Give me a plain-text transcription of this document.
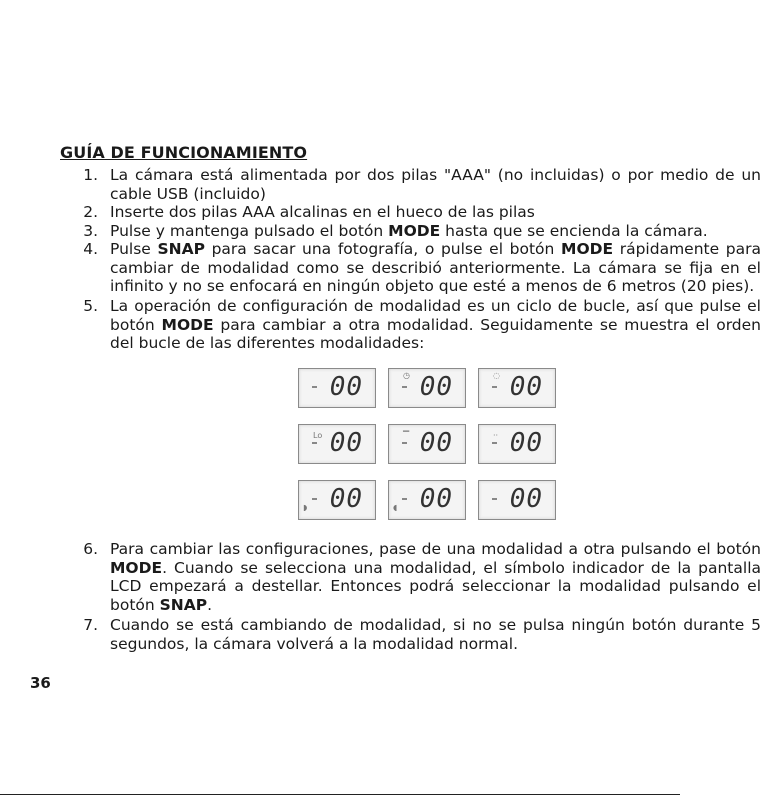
GUÍA DE FUNCIONAMIENTO
1. La cámara está alimentada por dos pilas "AAA" (no incluidas) o por medio de un cable USB (incluido)
2. Inserte dos pilas AAA alcalinas en el hueco de las pilas
3. Pulse y mantenga pulsado el botón MODE hasta que se encienda la cámara.
4. Pulse SNAP para sacar una fotografía, o pulse el botón MODE rápidamente para cambiar de modalidad como se describió anteriormente. La cámara se fija en el infinito y no se enfocará en ningún objeto que esté a menos de 6 metros (20 pies).
5. La operación de configuración de modalidad es un ciclo de bucle, así que pulse el botón MODE para cambiar a otra modalidad. Seguidamente se muestra el orden del bucle de las diferentes modalidades:
6. Para cambiar las configuraciones, pase de una modalidad a otra pulsando el botón MODE. Cuando se selecciona una modalidad, el símbolo indicador de la pantalla LCD empezará a destellar. Entonces podrá seleccionar la modalidad pulsando el botón SNAP.
7. Cuando se está cambiando de modalidad, si no se pulsa ningún botón durante 5 segundos, la cámara volverá a la modalidad normal.
00	◷ 00	◌ 00
Lo 00	▔ 00	·· 00
◗ 00	◖ 00 00
36
